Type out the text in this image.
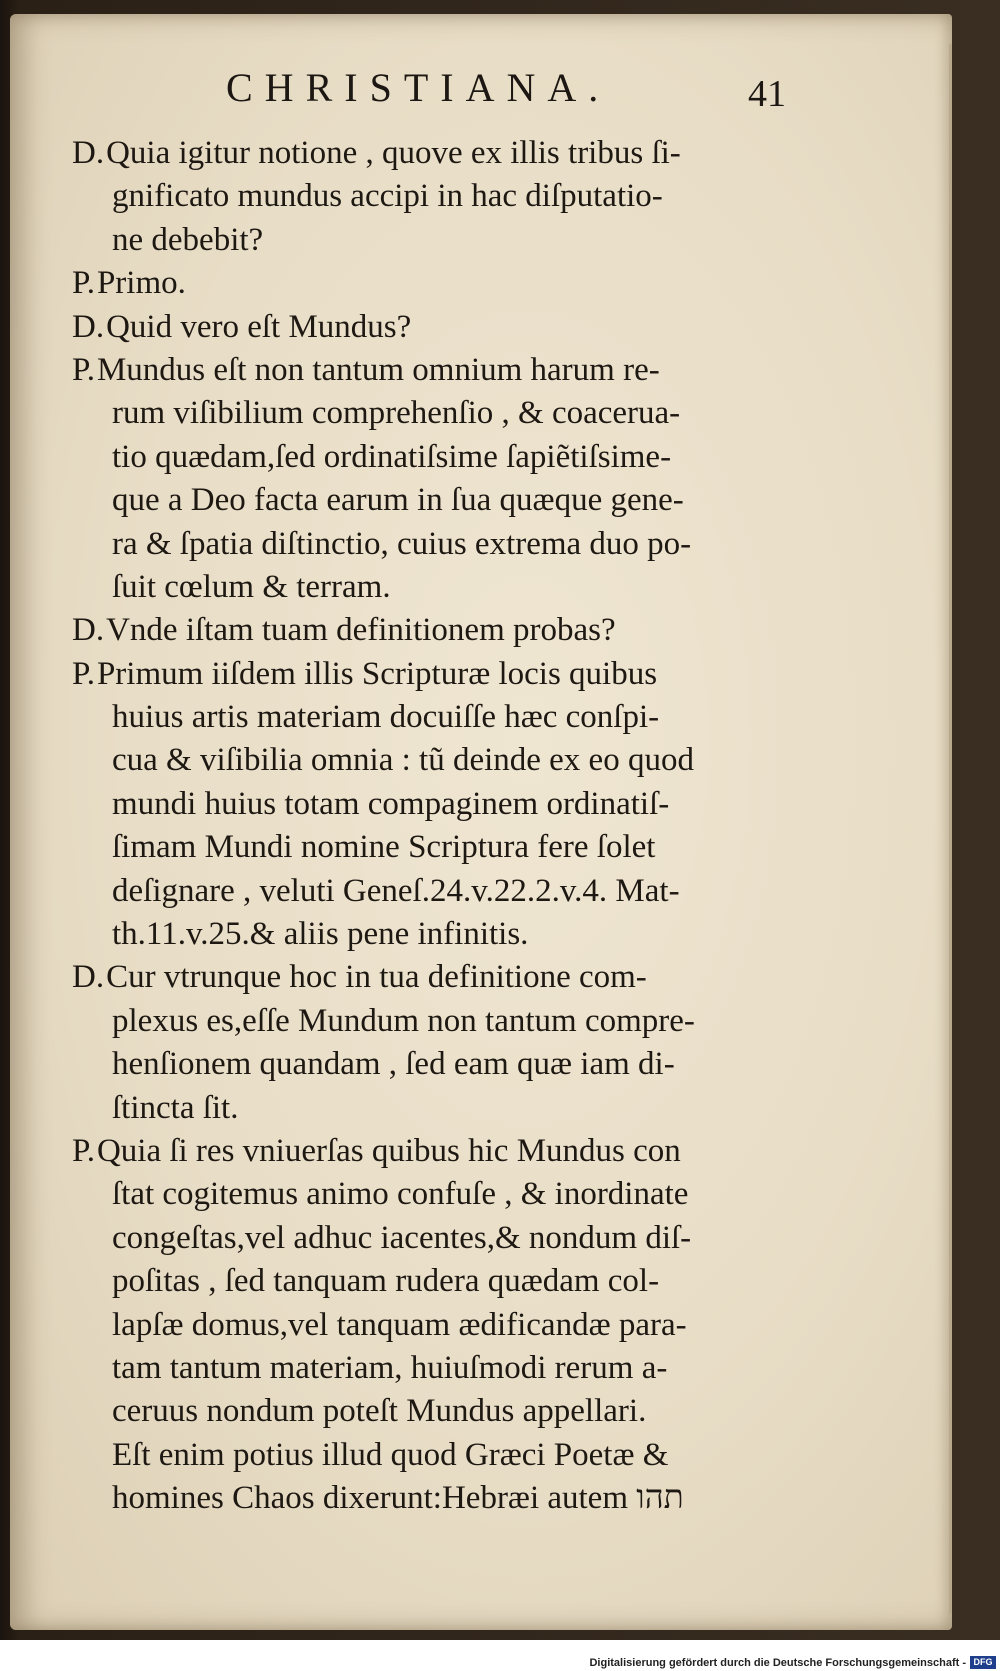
CHRISTIANA.	41
D.Quia igitur notione , quove ex illis tribus ſi-
gnificato mundus accipi in hac diſputatio-
ne debebit?
P.Primo.
D.Quid vero eſt Mundus?
P.Mundus eſt non tantum omnium harum re-
rum viſibilium comprehenſio , & coaceruа-
tio quædam,ſed ordinatiſsime ſapiẽtiſsime-
que a Deo facta earum in ſua quæque gene-
ra & ſpatia diſtinctio, cuius extrema duo po-
ſuit cœlum & terram.
D.Vnde iſtam tuam definitionem probas?
P.Primum iiſdem illis Scripturæ locis quibus
huius artis materiam docuiſſe hæc conſpi-
cua & viſibilia omnia : tũ deinde ex eo quod
mundi huius totam compaginem ordinatiſ-
ſimam Mundi nomine Scriptura fere ſolet
deſignare , veluti Geneſ.24.v.22.2.v.4. Mat-
th.11.v.25.& aliis pene infinitis.
D.Cur vtrunque hoc in tua definitione com-
plexus es,eſſe Mundum non tantum compre-
henſionem quandam , ſed eam quæ iam di-
ſtincta ſit.
P.Quia ſi res vniuerſas quibus hic Mundus con
ſtat cogitemus animo confuſe , & inordinate
congeſtas,vel adhuc iacentes,& nondum diſ-
poſitas , ſed tanquam rudera quædam col-
lapſæ domus,vel tanquam ædificandæ para-
tam tantum materiam, huiuſmodi rerum a-
ceruus nondum poteſt Mundus appellari.
Eſt enim potius illud quod Græci Poetæ &
homines Chaos dixerunt:Hebræi autem תהו
Digitalisierung gefördert durch die Deutsche Forschungsgemeinschaft - DFG
